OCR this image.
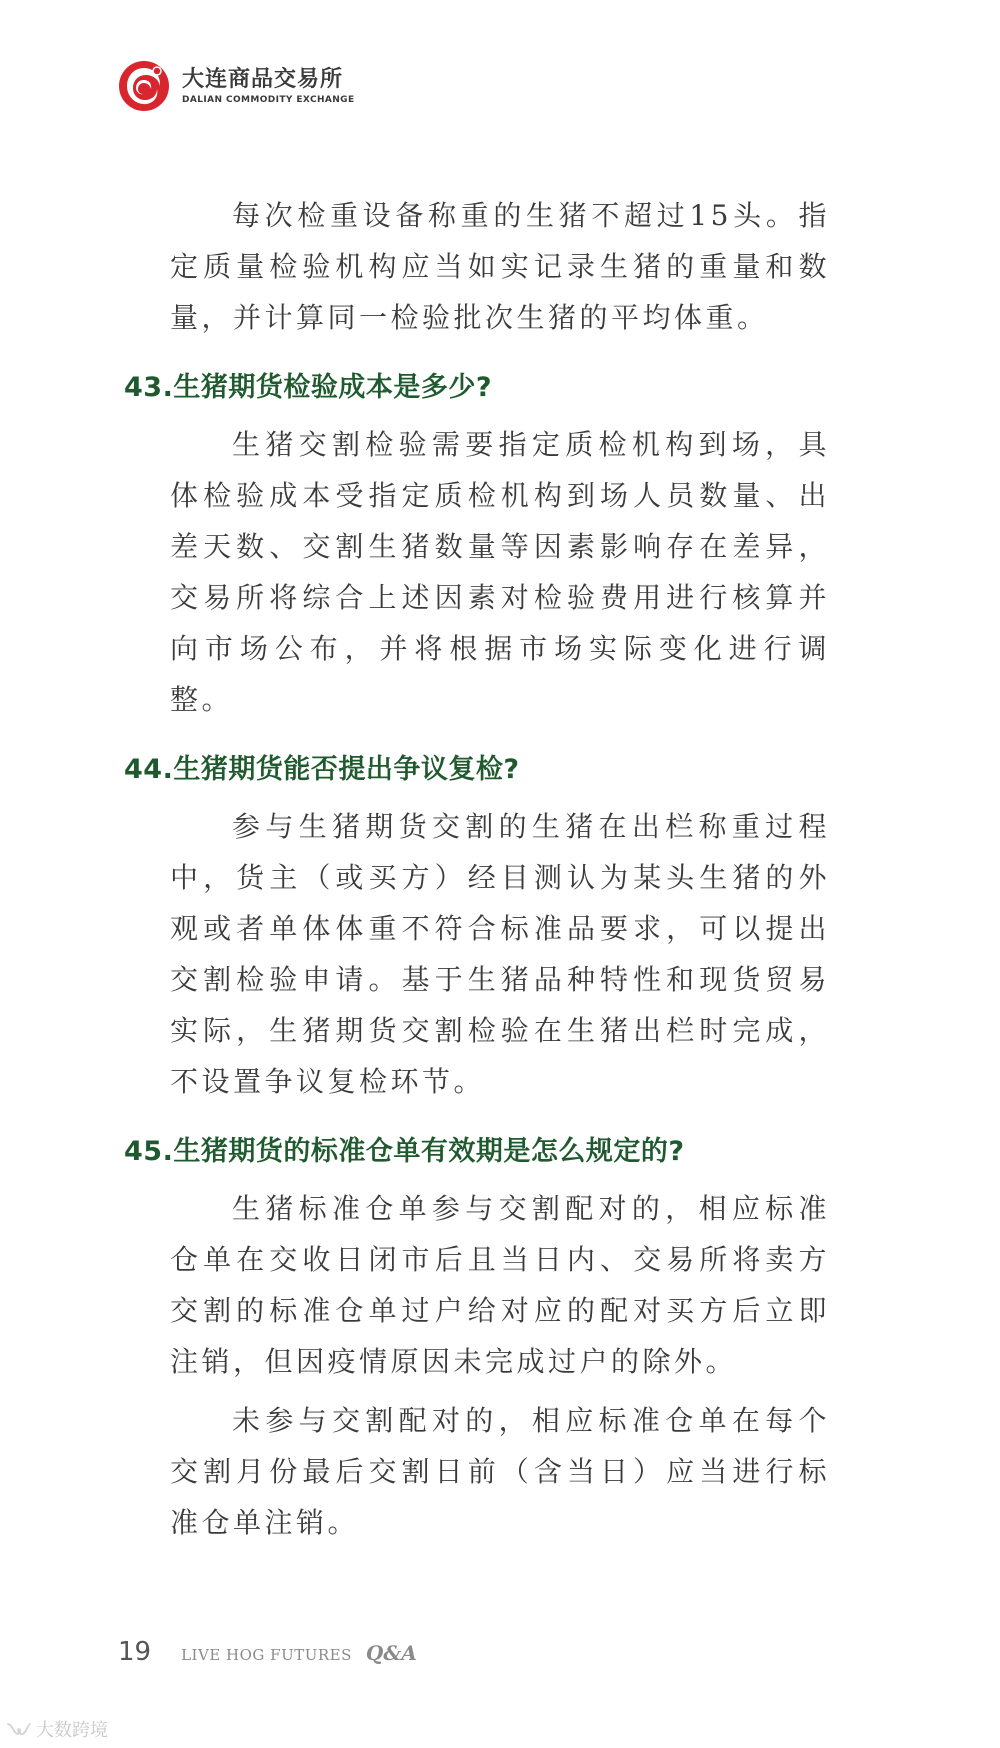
大连商品交易所
DALIAN COMMODITY EXCHANGE

每次检重设备称重的生猪不超过15头。指定质量检验机构应当如实记录生猪的重量和数量，并计算同一检验批次生猪的平均体重。

43.生猪期货检验成本是多少?

生猪交割检验需要指定质检机构到场，具体检验成本受指定质检机构到场人员数量、出差天数、交割生猪数量等因素影响存在差异，交易所将综合上述因素对检验费用进行核算并向市场公布，并将根据市场实际变化进行调整。

44.生猪期货能否提出争议复检?

参与生猪期货交割的生猪在出栏称重过程中，货主（或买方）经目测认为某头生猪的外观或者单体体重不符合标准品要求，可以提出交割检验申请。基于生猪品种特性和现货贸易实际，生猪期货交割检验在生猪出栏时完成，不设置争议复检环节。

45.生猪期货的标准仓单有效期是怎么规定的?

生猪标准仓单参与交割配对的，相应标准仓单在交收日闭市后且当日内、交易所将卖方交割的标准仓单过户给对应的配对买方后立即注销，但因疫情原因未完成过户的除外。

未参与交割配对的，相应标准仓单在每个交割月份最后交割日前（含当日）应当进行标准仓单注销。

19 LIVE HOG FUTURES Q&A
大数跨境
